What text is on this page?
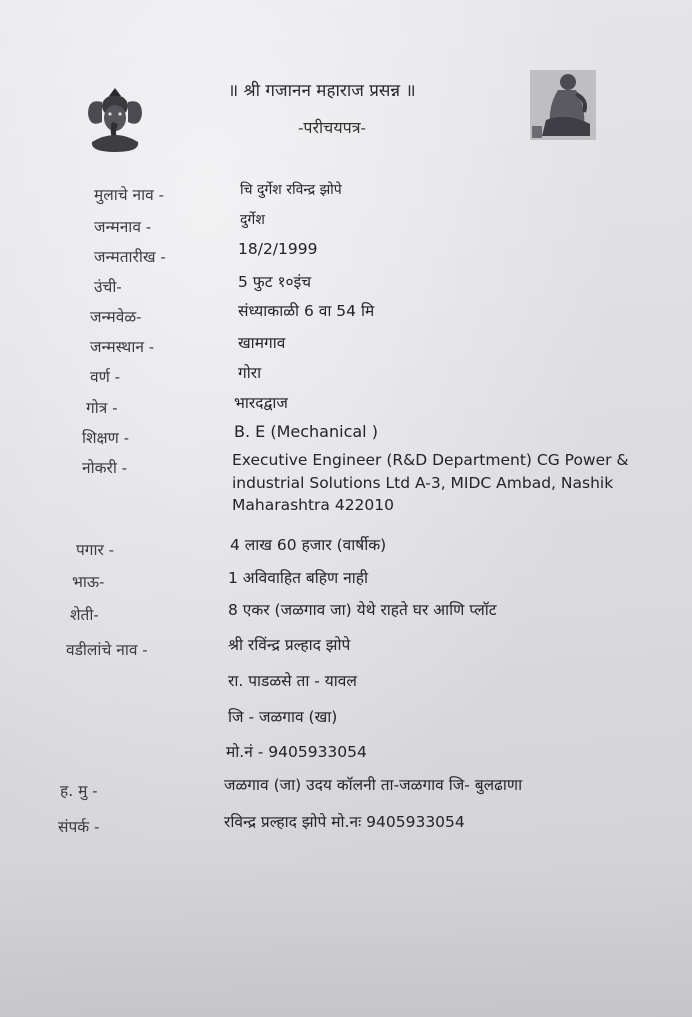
॥ श्री गजानन महाराज प्रसन्न ॥
-परीचयपत्र-
मुलाचे नाव -	चि दुर्गेश रविन्द्र झोपे
जन्मनाव -	दुर्गेश
जन्मतारीख -	18/2/1999
उंची-	5 फुट १०इंच
जन्मवेळ-	संध्याकाळी 6 वा 54 मि
जन्मस्थान -	खामगाव
वर्ण -	गोरा
गोत्र -	भारदद्वाज
शिक्षण -	B. E (Mechanical )
नोकरी -	Executive Engineer (R&D Department) CG Power & industrial Solutions Ltd A-3, MIDC Ambad, Nashik Maharashtra 422010
पगार -	4 लाख 60 हजार (वार्षीक)
भाऊ-	1 अविवाहित बहिण नाही
शेती-	8 एकर (जळगाव जा) येथे राहते घर आणि प्लॉट
वडीलांचे नाव -	श्री रविंन्द्र प्रल्हाद झोपे
रा. पाडळसे ता - यावल
जि - जळगाव (खा)
मो.नं - 9405933054
ह. मु -	जळगाव (जा) उदय कॉलनी ता-जळगाव जि- बुलढाणा
संपर्क -	रविन्द्र प्रल्हाद झोपे मो.नः 9405933054
